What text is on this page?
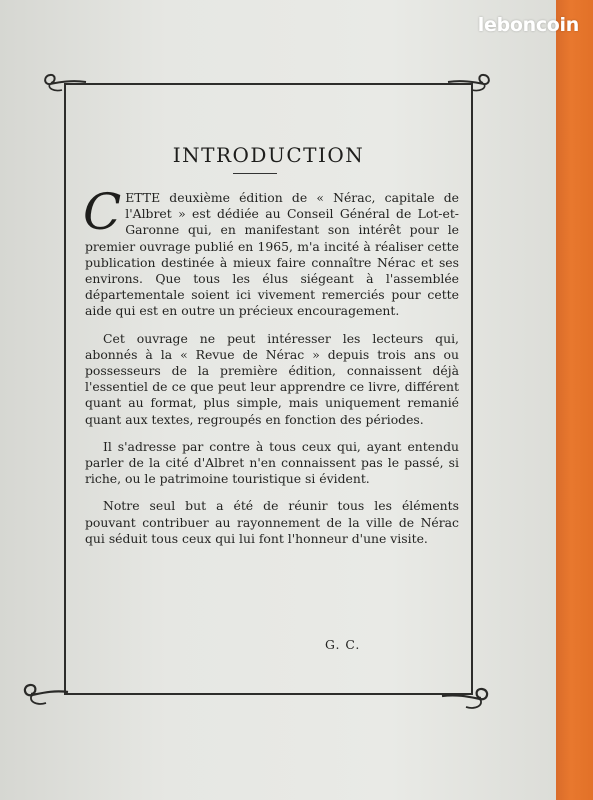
leboncoin
INTRODUCTION

CETTE deuxième édition de « Nérac, capitale de l'Albret » est dédiée au Conseil Général de Lot-et-Garonne qui, en manifestant son intérêt pour le premier ouvrage publié en 1965, m'a incité à réaliser cette publication destinée à mieux faire connaître Nérac et ses environs. Que tous les élus siégeant à l'assemblée départementale soient ici vivement remerciés pour cette aide qui est en outre un précieux encouragement.

Cet ouvrage ne peut intéresser les lecteurs qui, abonnés à la « Revue de Nérac » depuis trois ans ou possesseurs de la première édition, connaissent déjà l'essentiel de ce que peut leur apprendre ce livre, différent quant au format, plus simple, mais uniquement remanié quant aux textes, regroupés en fonction des périodes.

Il s'adresse par contre à tous ceux qui, ayant entendu parler de la cité d'Albret n'en connaissent pas le passé, si riche, ou le patrimoine touristique si évident.

Notre seul but a été de réunir tous les éléments pouvant contribuer au rayonnement de la ville de Nérac qui séduit tous ceux qui lui font l'honneur d'une visite.

G. C.
